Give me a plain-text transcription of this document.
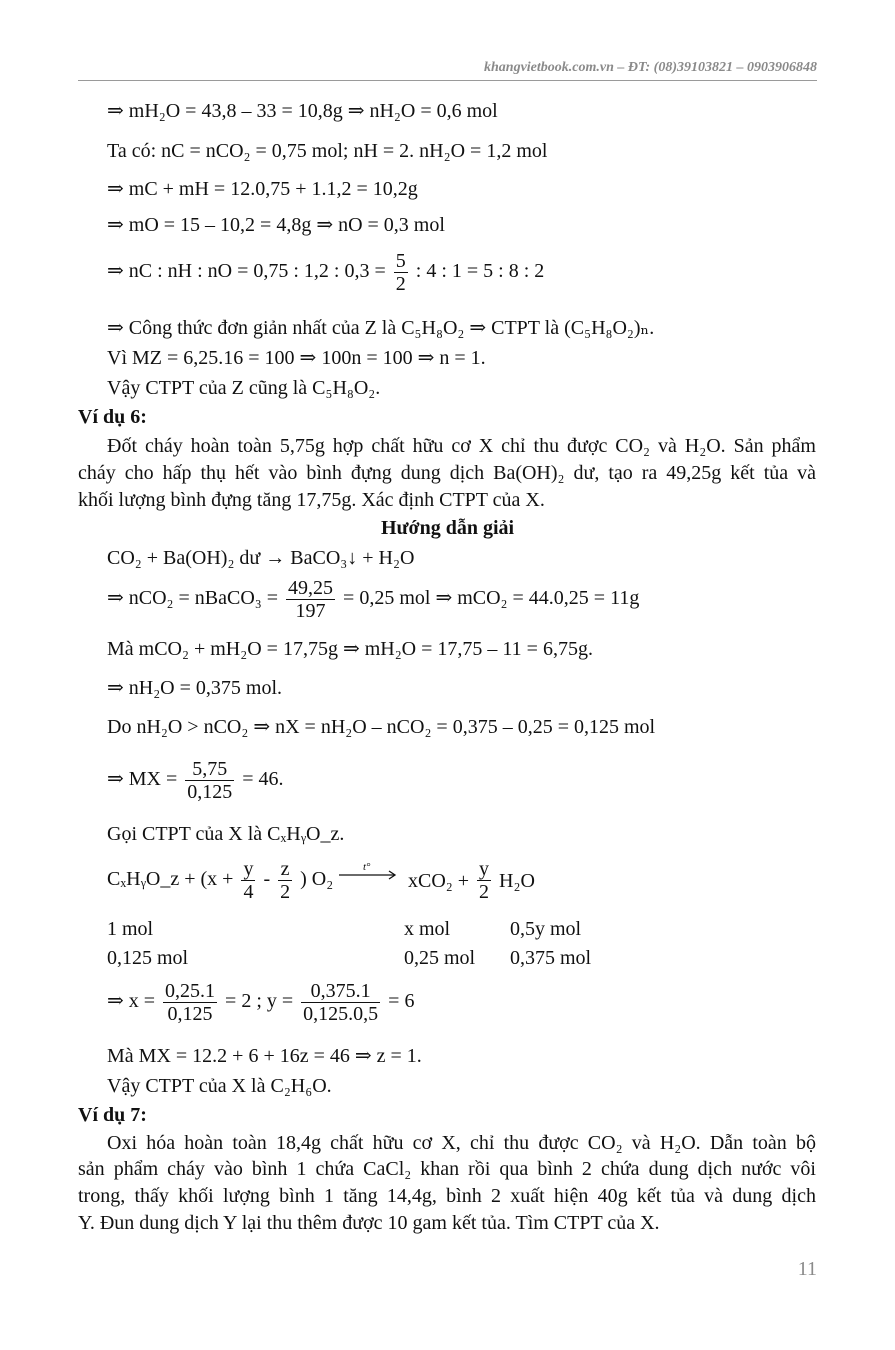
khangvietbook.com.vn – ĐT: (08)39103821 – 0903906848
⇒ mH₂O = 43,8 – 33 = 10,8g ⇒ nH₂O = 0,6 mol
Ta có: nC = nCO₂ = 0,75 mol; nH = 2. nH₂O = 1,2 mol
⇒ mC + mH = 12.0,75 + 1.1,2 = 10,2g
⇒ mO = 15 – 10,2 = 4,8g ⇒ nO = 0,3 mol
⇒ nC : nH : nO = 0,75 : 1,2 : $0,3 = \frac{5}{2}$ : 4 : 1 = 5 : 8 : 2
⇒ Công thức đơn giản nhất của Z là C₅H₈O₂ ⇒ CTPT là (C₅H₈O₂)ₙ.
Vì MZ = 6,25.16 = 100 ⇒ 100n = 100 ⇒ n = 1.
Vậy CTPT của Z cũng là C₅H₈O₂.
Ví dụ 6:
Đốt cháy hoàn toàn 5,75g hợp chất hữu cơ X chỉ thu được CO₂ và H₂O. Sản phẩm
cháy cho hấp thụ hết vào bình đựng dung dịch Ba(OH)₂ dư, tạo ra 49,25g kết tủa và
khối lượng bình đựng tăng 17,75g. Xác định CTPT của X.
Hướng dẫn giải
CO₂ + Ba(OH)₂ dư → BaCO₃↓ + H₂O
⇒ nCO₂ = nBaCO₃ = $\frac{49,25}{197} = 0,25$ mol ⇒ mCO₂ = 44.0,25 = 11g
Mà mCO₂ + mH₂O = 17,75g ⇒ mH₂O = 17,75 – 11 = 6,75g.
⇒ nH₂O = 0,375 mol.
Do nH₂O > nCO₂ ⇒ nX = nH₂O – nCO₂ = 0,375 – 0,25 = 0,125 mol
⇒ MX = $\frac{5,75}{0,125} = 46$.
Gọi CTPT của X là CₓHᵧO_z.
CₓHᵧO_z + ($x + \frac{y}{4} - \frac{z}{2}$ ) O₂
t°
$xCO_2 + \frac{y}{2} H_2O$
1 mol	x mol	0,5y mol
0,125 mol	0,25 mol 0,375 mol
⇒ $x = \frac{0,25.1}{0,125} = 2$ ; $y = \frac{0,375.1}{0,125.0,5} = 6$
Mà MX = 12.2 + 6 + 16z = 46 ⇒ z = 1.
Vậy CTPT của X là C₂H₆O.
Ví dụ 7:
Oxi hóa hoàn toàn 18,4g chất hữu cơ X, chỉ thu được CO₂ và H₂O. Dẫn toàn bộ
sản phẩm cháy vào bình 1 chứa CaCl₂ khan rồi qua bình 2 chứa dung dịch nước vôi
trong, thấy khối lượng bình 1 tăng 14,4g, bình 2 xuất hiện 40g kết tủa và dung dịch
Y. Đun dung dịch Y lại thu thêm được 10 gam kết tủa. Tìm CTPT của X.
11
